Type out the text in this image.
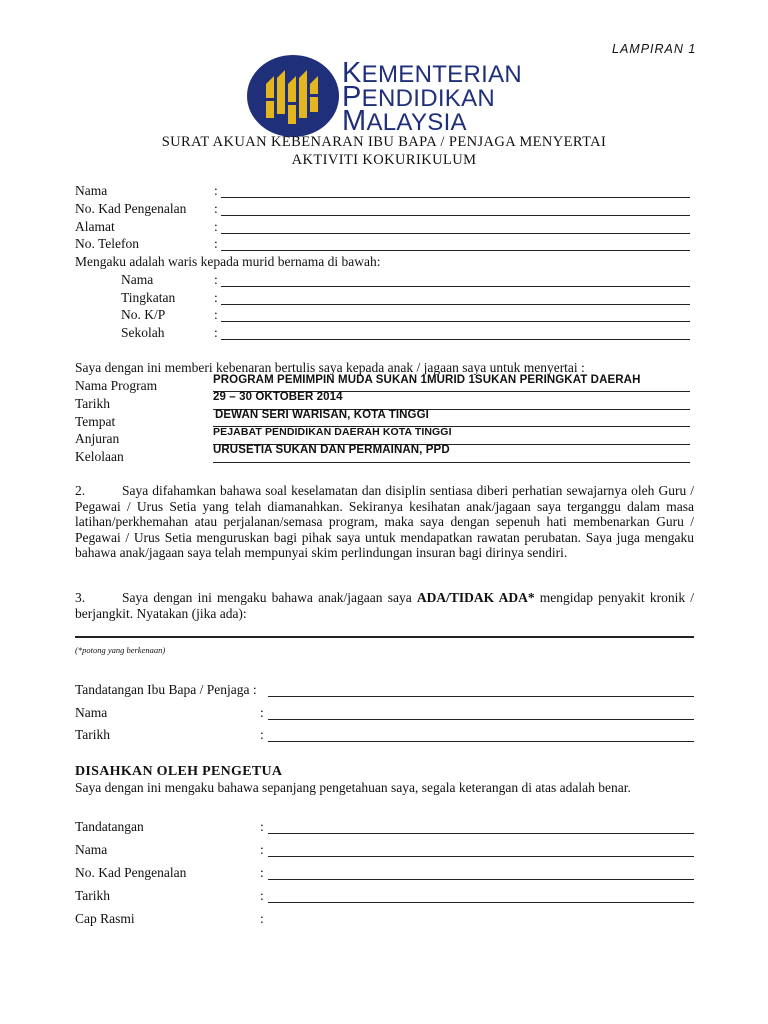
LAMPIRAN 1
KEMENTERIAN
PENDIDIKAN
MALAYSIA
SURAT AKUAN KEBENARAN IBU BAPA / PENJAGA MENYERTAI
AKTIVITI KOKURIKULUM
Nama	:
No. Kad Pengenalan :
Alamat	:
No. Telefon	:
Mengaku adalah waris kepada murid bernama di bawah:
Nama	:
Tingkatan	:
No. K/P	:
Sekolah	:
Saya dengan ini memberi kebenaran bertulis saya kepada anak / jagaan saya untuk menyertai :
Nama Program	PROGRAM PEMIMPIN MUDA SUKAN 1MURID 1SUKAN PERINGKAT DAERAH
Tarikh	29 – 30 OKTOBER 2014
Tempat	DEWAN SERI WARISAN, KOTA TINGGI
Anjuran	PEJABAT PENDIDIKAN DAERAH KOTA TINGGI
Kelolaan	URUSETIA SUKAN DAN PERMAINAN, PPD
2.	Saya difahamkan bahawa soal keselamatan dan disiplin sentiasa diberi perhatian sewajarnya oleh Guru / Pegawai / Urus Setia yang telah diamanahkan. Sekiranya kesihatan anak/jagaan saya terganggu dalam masa latihan/perkhemahan atau perjalanan/semasa program, maka saya dengan sepenuh hati membenarkan Guru / Pegawai / Urus Setia menguruskan bagi pihak saya untuk mendapatkan rawatan perubatan. Saya juga mengaku bahawa anak/jagaan saya telah mempunyai skim perlindungan insuran bagi dirinya sendiri.
3.	Saya dengan ini mengaku bahawa anak/jagaan saya ADA/TIDAK ADA* mengidap penyakit kronik / berjangkit. Nyatakan (jika ada):
(*potong yang berkenaan)
Tandatangan Ibu Bapa / Penjaga :
Nama	:
Tarikh	:
DISAHKAN OLEH PENGETUA
Saya dengan ini mengaku bahawa sepanjang pengetahuan saya, segala keterangan di atas adalah benar.
Tandatangan	:
Nama	:
No. Kad Pengenalan	:
Tarikh	:
Cap Rasmi	:
